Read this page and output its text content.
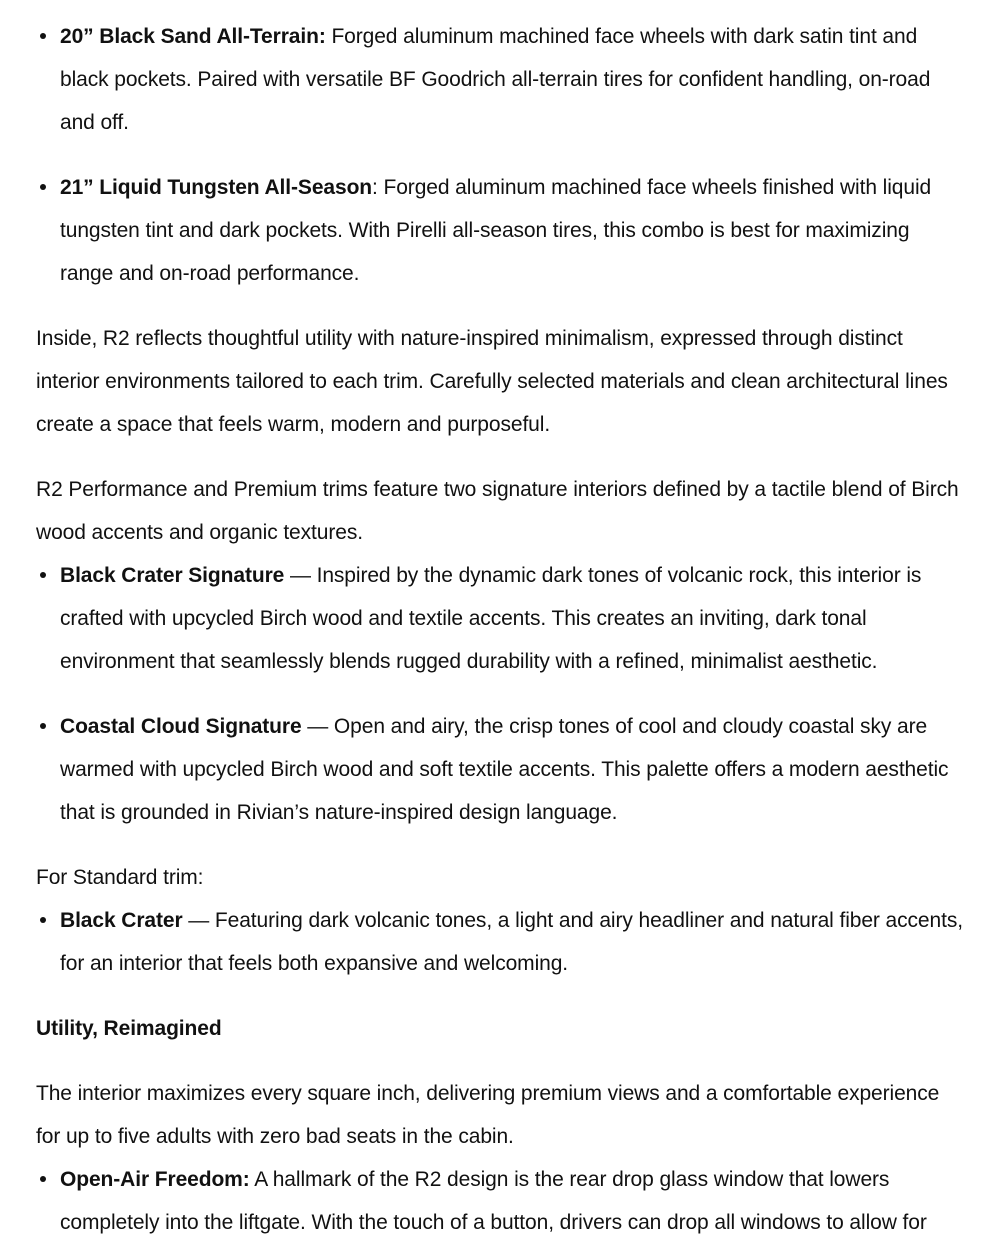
20” Black Sand All-Terrain: Forged aluminum machined face wheels with dark satin tint and black pockets. Paired with versatile BF Goodrich all-terrain tires for confident handling, on-road and off.
21” Liquid Tungsten All-Season: Forged aluminum machined face wheels finished with liquid tungsten tint and dark pockets. With Pirelli all-season tires, this combo is best for maximizing range and on-road performance.

Inside, R2 reflects thoughtful utility with nature-inspired minimalism, expressed through distinct interior environments tailored to each trim. Carefully selected materials and clean architectural lines create a space that feels warm, modern and purposeful.

R2 Performance and Premium trims feature two signature interiors defined by a tactile blend of Birch wood accents and organic textures.

Black Crater Signature — Inspired by the dynamic dark tones of volcanic rock, this interior is crafted with upcycled Birch wood and textile accents. This creates an inviting, dark tonal environment that seamlessly blends rugged durability with a refined, minimalist aesthetic.
Coastal Cloud Signature — Open and airy, the crisp tones of cool and cloudy coastal sky are warmed with upcycled Birch wood and soft textile accents. This palette offers a modern aesthetic that is grounded in Rivian’s nature-inspired design language.

For Standard trim:

Black Crater — Featuring dark volcanic tones, a light and airy headliner and natural fiber accents, for an interior that feels both expansive and welcoming.

Utility, Reimagined

The interior maximizes every square inch, delivering premium views and a comfortable experience for up to five adults with zero bad seats in the cabin.

Open-Air Freedom: A hallmark of the R2 design is the rear drop glass window that lowers completely into the liftgate. With the touch of a button, drivers can drop all windows to allow for
